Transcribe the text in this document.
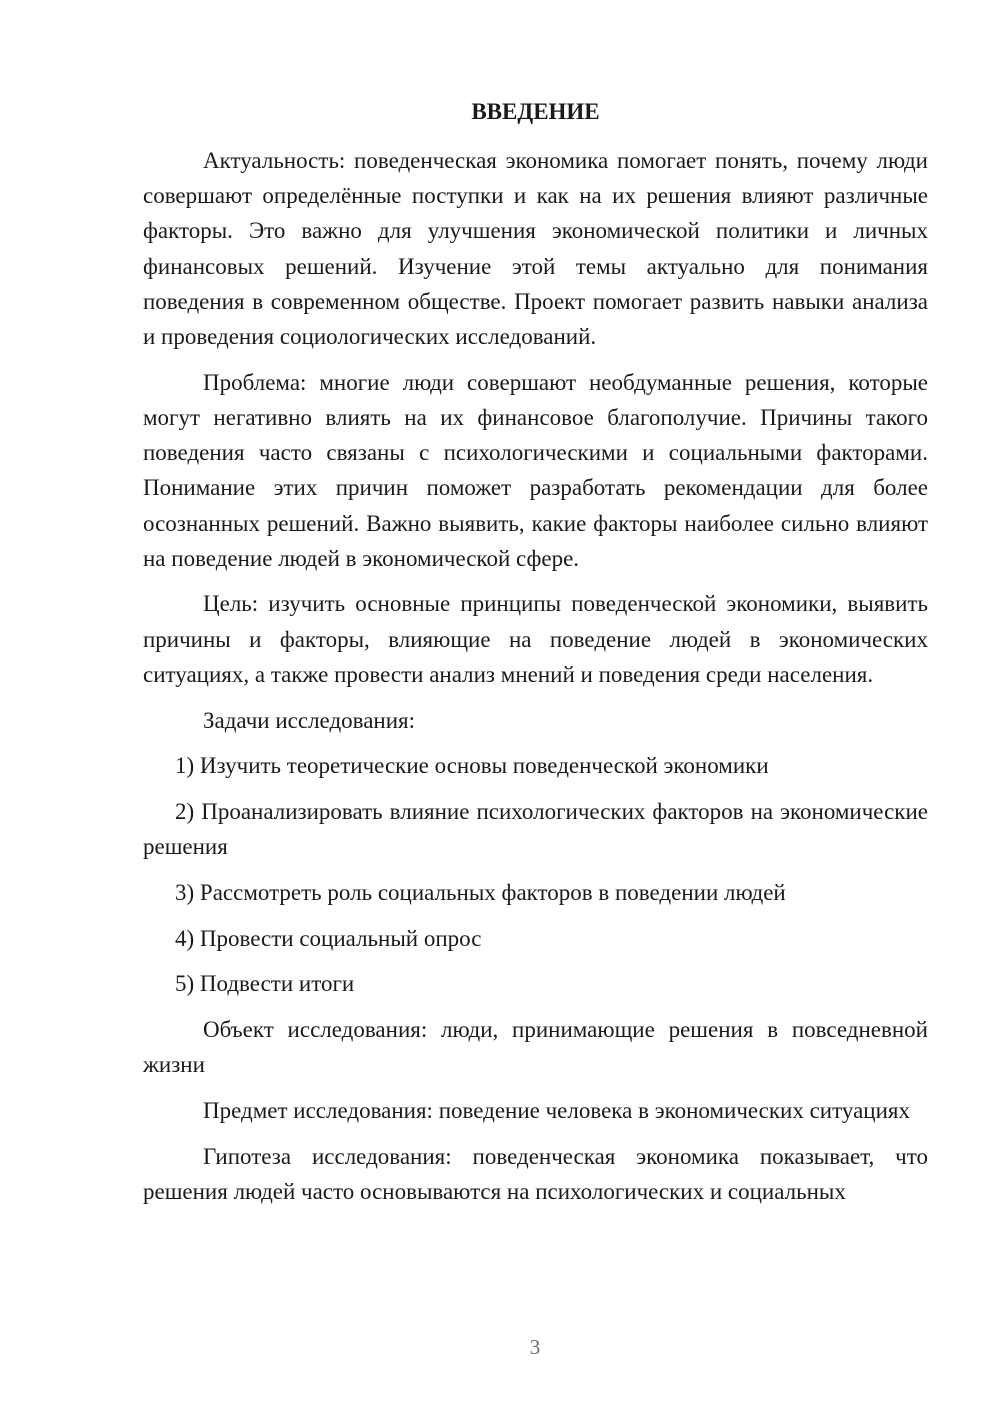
ВВЕДЕНИЕ

Актуальность: поведенческая экономика помогает понять, почему люди совершают определённые поступки и как на их решения влияют различные факторы. Это важно для улучшения экономической политики и личных финансовых решений. Изучение этой темы актуально для понимания поведения в современном обществе. Проект помогает развить навыки анализа и проведения социологических исследований.

Проблема: многие люди совершают необдуманные решения, которые могут негативно влиять на их финансовое благополучие. Причины такого поведения часто связаны с психологическими и социальными факторами. Понимание этих причин поможет разработать рекомендации для более осознанных решений. Важно выявить, какие факторы наиболее сильно влияют на поведение людей в экономической сфере.

Цель: изучить основные принципы поведенческой экономики, выявить причины и факторы, влияющие на поведение людей в экономических ситуациях, а также провести анализ мнений и поведения среди населения.

Задачи исследования:

1) Изучить теоретические основы поведенческой экономики

2) Проанализировать влияние психологических факторов на экономические решения

3) Рассмотреть роль социальных факторов в поведении людей

4) Провести социальный опрос

5) Подвести итоги

Объект исследования: люди, принимающие решения в повседневной жизни

Предмет исследования: поведение человека в экономических ситуациях

Гипотеза исследования: поведенческая экономика показывает, что решения людей часто основываются на психологических и социальных

3
